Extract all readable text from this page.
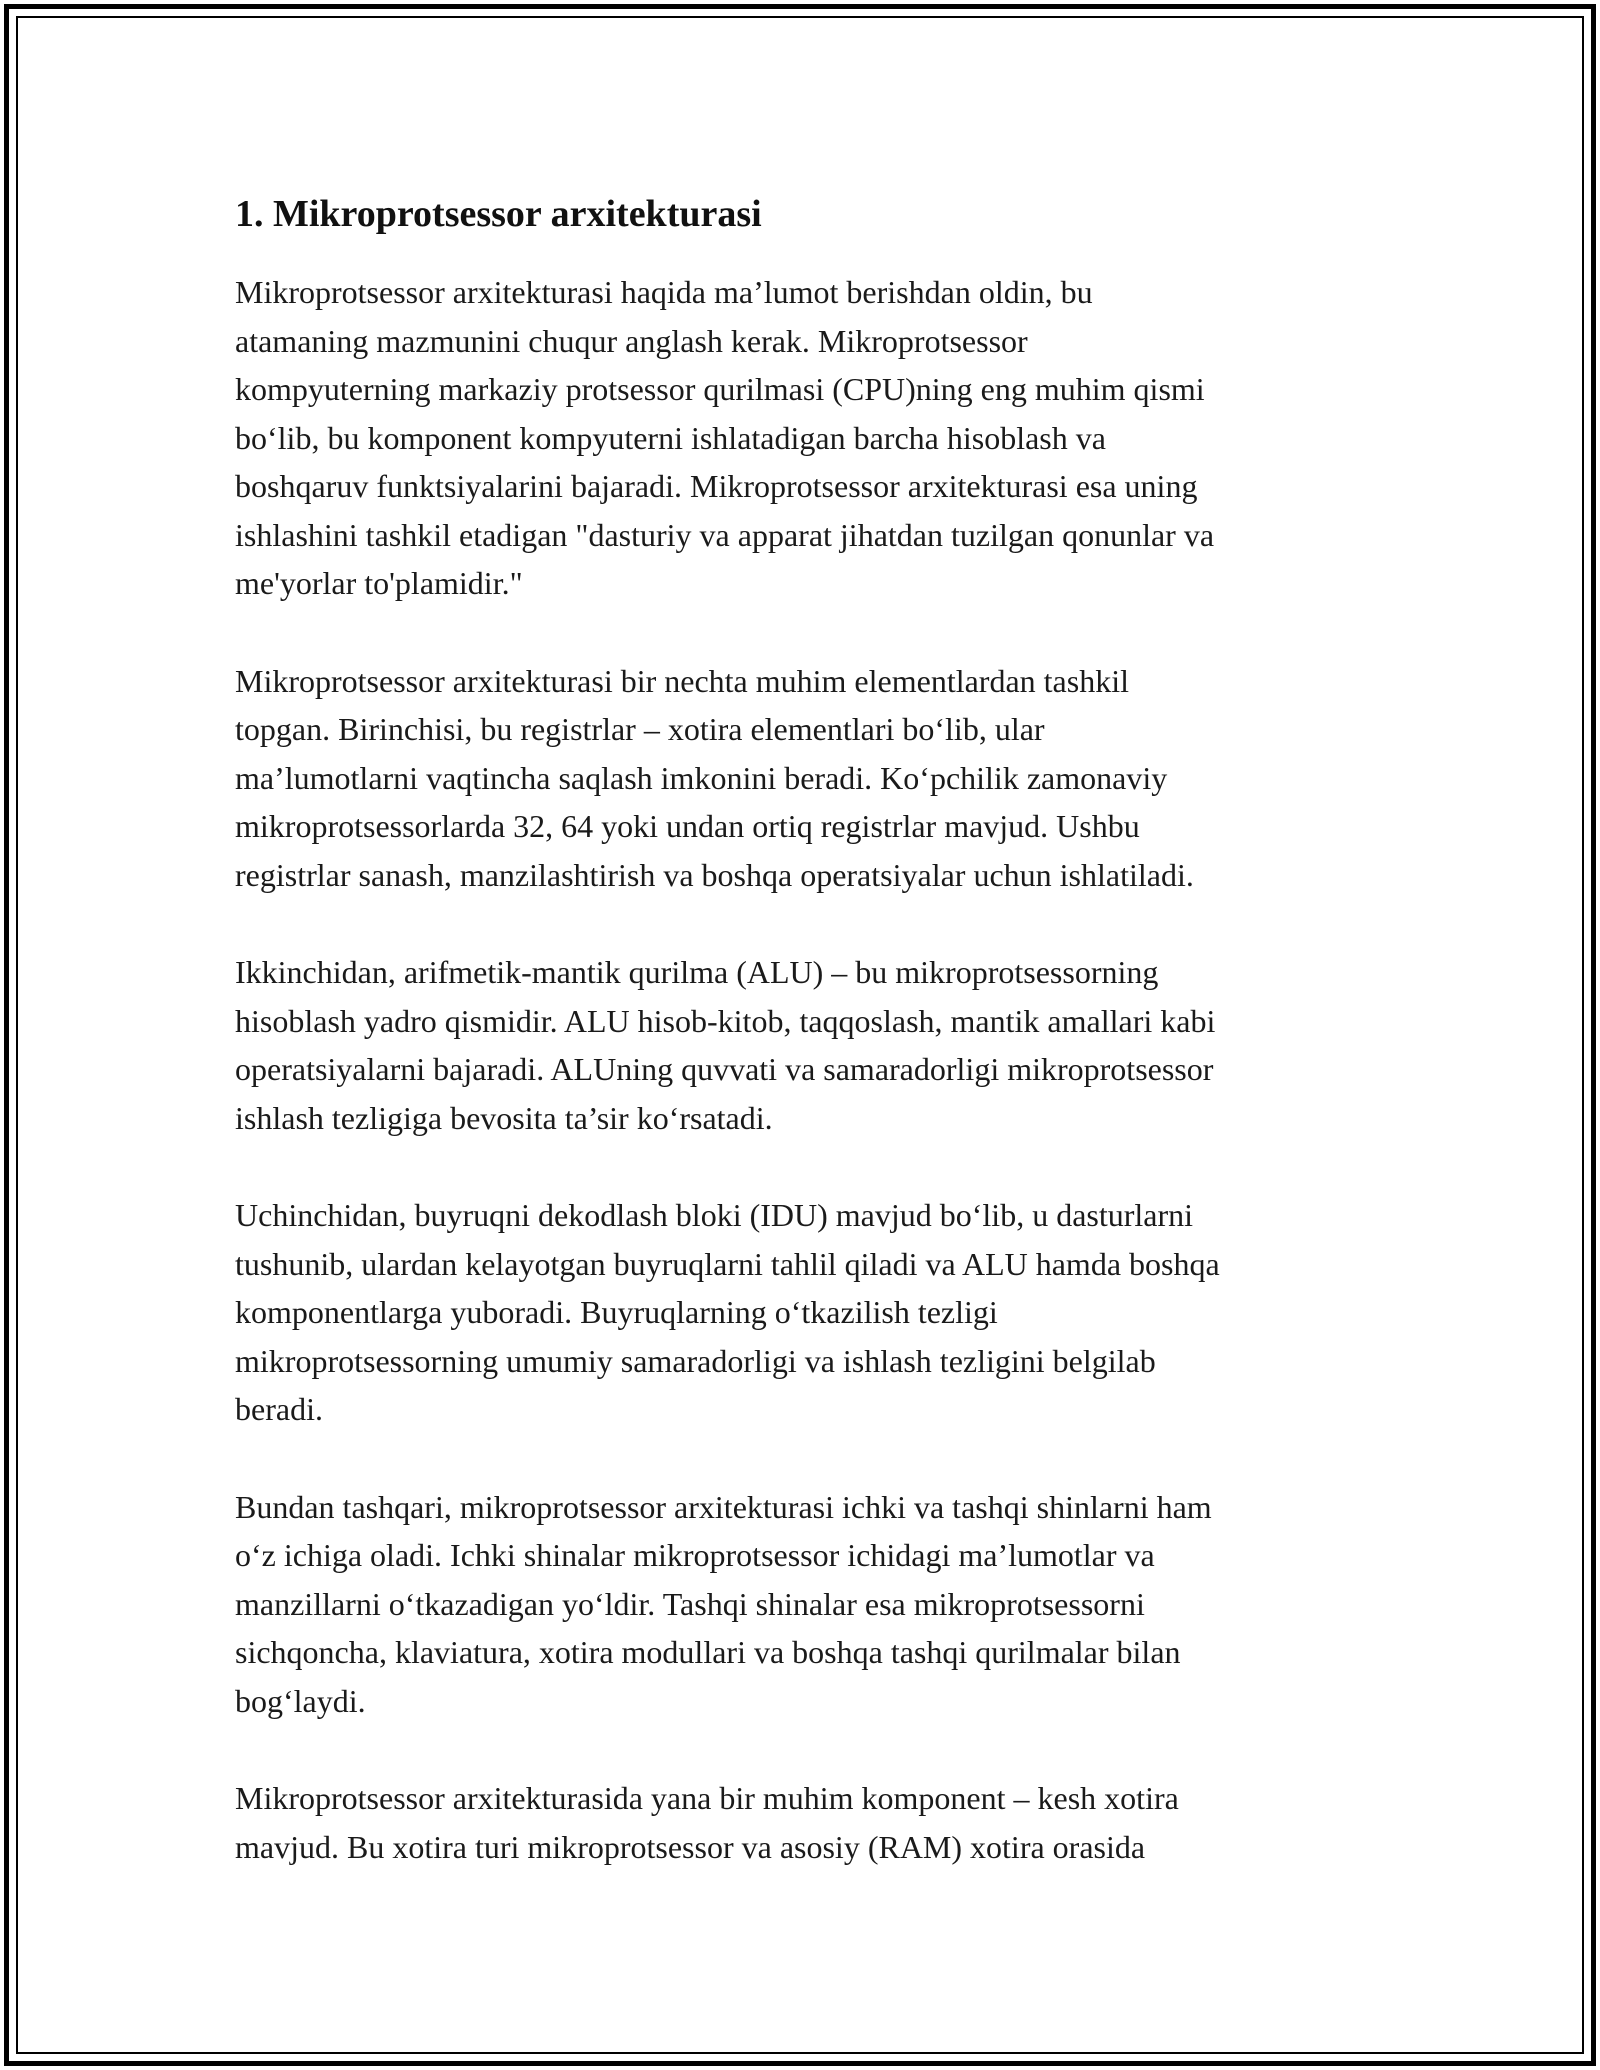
1. Mikroprotsessor arxitekturasi

Mikroprotsessor arxitekturasi haqida ma’lumot berishdan oldin, bu
atamaning mazmunini chuqur anglash kerak. Mikroprotsessor
kompyuterning markaziy protsessor qurilmasi (CPU)ning eng muhim qismi
bo‘lib, bu komponent kompyuterni ishlatadigan barcha hisoblash va
boshqaruv funktsiyalarini bajaradi. Mikroprotsessor arxitekturasi esa uning
ishlashini tashkil etadigan "dasturiy va apparat jihatdan tuzilgan qonunlar va
me'yorlar to'plamidir."

Mikroprotsessor arxitekturasi bir nechta muhim elementlardan tashkil
topgan. Birinchisi, bu registrlar – xotira elementlari bo‘lib, ular
ma’lumotlarni vaqtincha saqlash imkonini beradi. Ko‘pchilik zamonaviy
mikroprotsessorlarda 32, 64 yoki undan ortiq registrlar mavjud. Ushbu
registrlar sanash, manzilashtirish va boshqa operatsiyalar uchun ishlatiladi.

Ikkinchidan, arifmetik-mantik qurilma (ALU) – bu mikroprotsessorning
hisoblash yadro qismidir. ALU hisob-kitob, taqqoslash, mantik amallari kabi
operatsiyalarni bajaradi. ALUning quvvati va samaradorligi mikroprotsessor
ishlash tezligiga bevosita ta’sir ko‘rsatadi.

Uchinchidan, buyruqni dekodlash bloki (IDU) mavjud bo‘lib, u dasturlarni
tushunib, ulardan kelayotgan buyruqlarni tahlil qiladi va ALU hamda boshqa
komponentlarga yuboradi. Buyruqlarning o‘tkazilish tezligi
mikroprotsessorning umumiy samaradorligi va ishlash tezligini belgilab
beradi.

Bundan tashqari, mikroprotsessor arxitekturasi ichki va tashqi shinlarni ham
o‘z ichiga oladi. Ichki shinalar mikroprotsessor ichidagi ma’lumotlar va
manzillarni o‘tkazadigan yo‘ldir. Tashqi shinalar esa mikroprotsessorni
sichqoncha, klaviatura, xotira modullari va boshqa tashqi qurilmalar bilan
bog‘laydi.

Mikroprotsessor arxitekturasida yana bir muhim komponent – kesh xotira
mavjud. Bu xotira turi mikroprotsessor va asosiy (RAM) xotira orasida
